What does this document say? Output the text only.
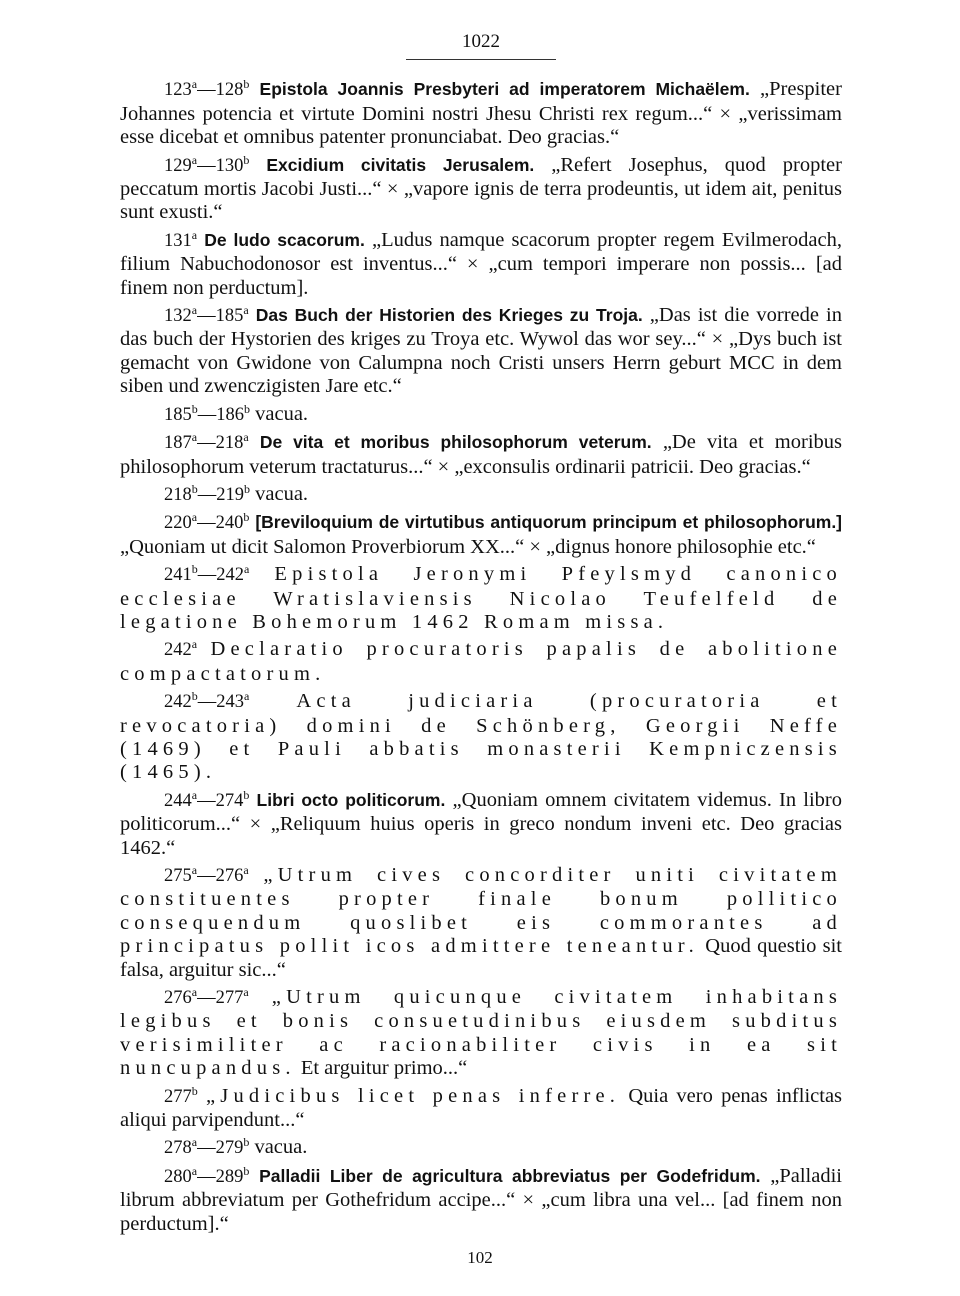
1022

123$^a$—128$^b$ Epistola Joannis Presbyteri ad imperatorem Michaëlem. „Prespiter Johannes potencia et virtute Domini nostri Jhesu Christi rex regum...“ × „verissimam esse dicebat et omnibus patenter pronunciabat. Deo gracias.“

129$^a$—130$^b$ Excidium civitatis Jerusalem. „Refert Josephus, quod propter peccatum mortis Jacobi Justi...“ × „vapore ignis de terra prodeuntis, ut idem ait, penitus sunt exusti.“

131$^a$ De ludo scacorum. „Ludus namque scacorum propter regem Evilmerodach, filium Nabuchodonosor est inventus...“ × „cum tempori imperare non possis... [ad finem non perductum].

132$^a$—185$^a$ Das Buch der Historien des Krieges zu Troja. „Das ist die vorrede in das buch der Hystorien des kriges zu Troya etc. Wywol das wor sey...“ × „Dys buch ist gemacht von Gwidone von Calumpna noch Cristi unsers Herrn geburt MCC in dem siben und zwenczigisten Jare etc.“

185$^b$—186$^b$ vacua.

187$^a$—218$^a$ De vita et moribus philosophorum veterum. „De vita et moribus philosophorum veterum tractaturus...“ × „exconsulis ordinarii patricii. Deo gracias.“

218$^b$—219$^b$ vacua.

220$^a$—240$^b$ [Breviloquium de virtutibus antiquorum principum et philosophorum.] „Quoniam ut dicit Salomon Proverbiorum XX...“ × „dignus honore philosophie etc.“

241$^b$—242$^a$ Epistola Jeronymi Pfeylsmyd canonico ecclesiae Wratislaviensis Nicolao Teufelfeld de legatione Bohemorum 1462 Romam missa.

242$^a$ Declaratio procuratoris papalis de abolitione compactatorum.

242$^b$—243$^a$ Acta judiciaria (procuratoria et revocatoria) domini de Schönberg, Georgii Neffe (1469) et Pauli abbatis monasterii Kempniczensis (1465).

244$^a$—274$^b$ Libri octo politicorum. „Quoniam omnem civitatem videmus. In libro politicorum...“ × „Reliquum huius operis in greco nondum inveni etc. Deo gracias 1462.“

275$^a$—276$^a$ „Utrum cives concorditer uniti civitatem constituentes propter finale bonum pollitico consequendum quoslibet eis commorantes ad principatus pollit icos admittere teneantur. Quod questio sit falsa, arguitur sic...“

276$^a$—277$^a$ „Utrum quicunque civitatem inhabitans legibus et bonis consuetudinibus eiusdem subditus verisimiliter ac racionabiliter civis in ea sit nuncupandus. Et arguitur primo...“

277$^b$ „Judicibus licet penas inferre. Quia vero penas inflictas aliqui parvipendunt...“

278$^a$—279$^b$ vacua.

280$^a$—289$^b$ Palladii Liber de agricultura abbreviatus per Godefridum. „Palladii librum abbreviatum per Gothefridum accipe...“ × „cum libra una vel... [ad finem non perductum].“

102
